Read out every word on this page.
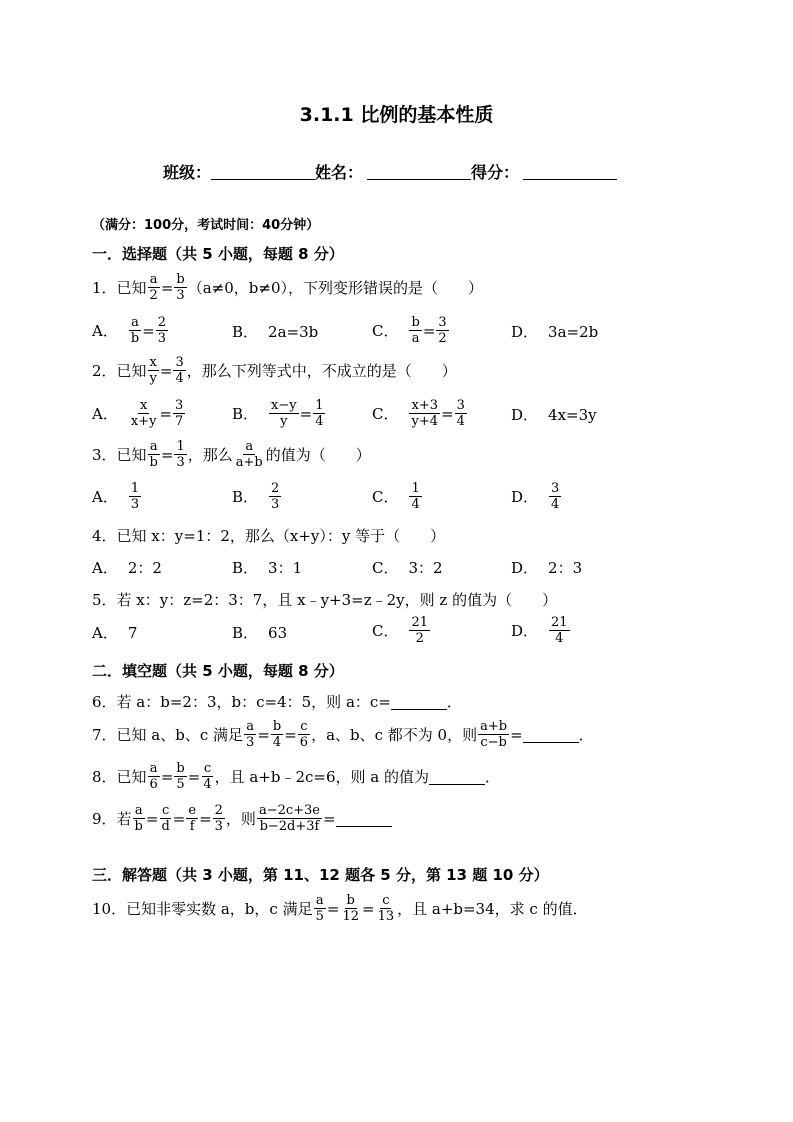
3.1.1 比例的基本性质
班级：	姓名：	得分：
（满分：100分，考试时间：40分钟）
一．选择题（共 5 小题，每题 8 分）
1．已知 $\frac{a}{2} = \frac{b}{3} (a\ne 0$，b≠0），下列变形错误的是（　　）
A． $\frac{a}{b} = \frac{2}{3}$	B． 2a=3b	C． $\frac{b}{a} = \frac{3}{2}$	D． 3a=2b
2．已知 $\frac{x}{y} = \frac{3}{4}$ ，那么下列等式中，不成立的是（　　）
A． $\frac{x}{x+y} = \frac{3}{7}$	B． $\frac{x-y}{y} = \frac{1}{4}$	C． $\frac{x+3}{y+4} = \frac{3}{4}$	D． 4x=3y
3．已知 $\frac{a}{b} = \frac{1}{3}$ ，那么 $\frac{a}{a+b}$ 的值为（　　）
A． $\frac{1}{3}$	B． $\frac{2}{3}$	C． $\frac{1}{4}$	D． $\frac{3}{4}$
4．已知 x：y=1：2，那么（x+y）：y 等于（　　）
A． 2：2	B． 3：1	C． 3：2	D． 2：3
5．若 x：y：z=2：3：7，且 x﹣y+3=z﹣2y，则 z 的值为（　　）
A． 7	B． 63	C． $\frac{21}{2}$	D． $\frac{21}{4}$
二．填空题（共 5 小题，每题 8 分）
6．若 a：b=2：3，b：c=4：5，则 a：c=	．
7．已知 a、b、c 满足 $\frac{a}{3} = \frac{b}{4} = \frac{c}{6}$ ，a、b、c 都不为 0，则 $\frac{a+b}{c-b}$ =	．
8．已知 $\frac{a}{6} = \frac{b}{5} = \frac{c}{4}$ ，且 a+b﹣2c=6，则 a 的值为	．
9．若 $\frac{a}{b} = \frac{c}{d} = \frac{e}{f} = \frac{2}{3}$ ，则 $\frac{a-2c+3e}{b-2d+3f}$ =
三．解答题（共 3 小题，第 11、12 题各 5 分，第 13 题 10 分）
10．已知非零实数 a，b，c 满足 $\frac{a}{5} = \frac{b}{12} = \frac{c}{13}$ ，且 a+b=34，求 c 的值．
